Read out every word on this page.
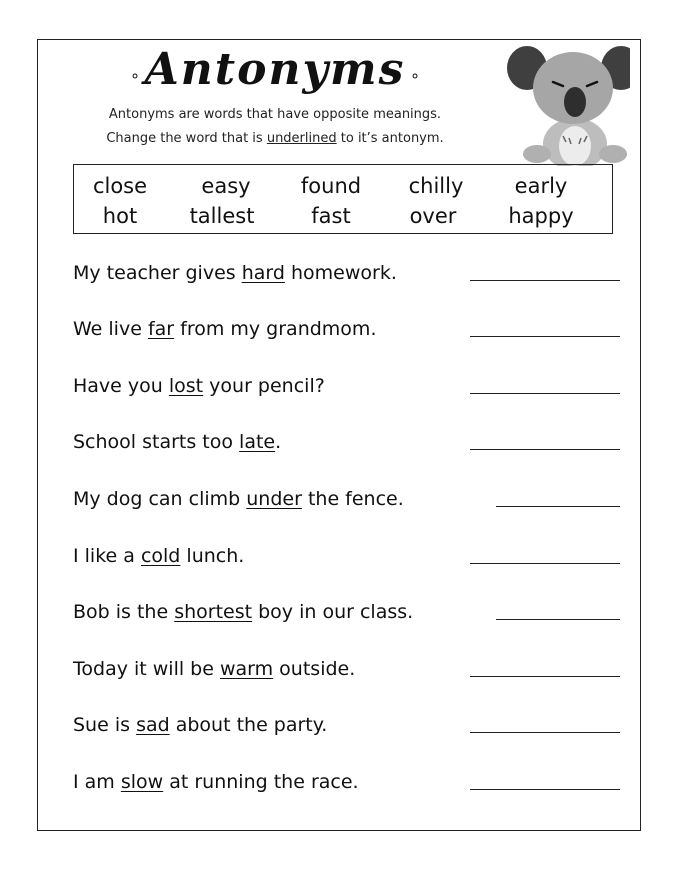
Antonyms
∘	∘
Antonyms are words that have opposite meanings.
Change the word that is underlined to it’s antonym.
close	easy	found	chilly	early
hot	tallest	fast	over	happy
My teacher gives hard homework.
We live far from my grandmom.
Have you lost your pencil?
School starts too late.
My dog can climb under the fence.
I like a cold lunch.
Bob is the shortest boy in our class.
Today it will be warm outside.
Sue is sad about the party.
I am slow at running the race.
